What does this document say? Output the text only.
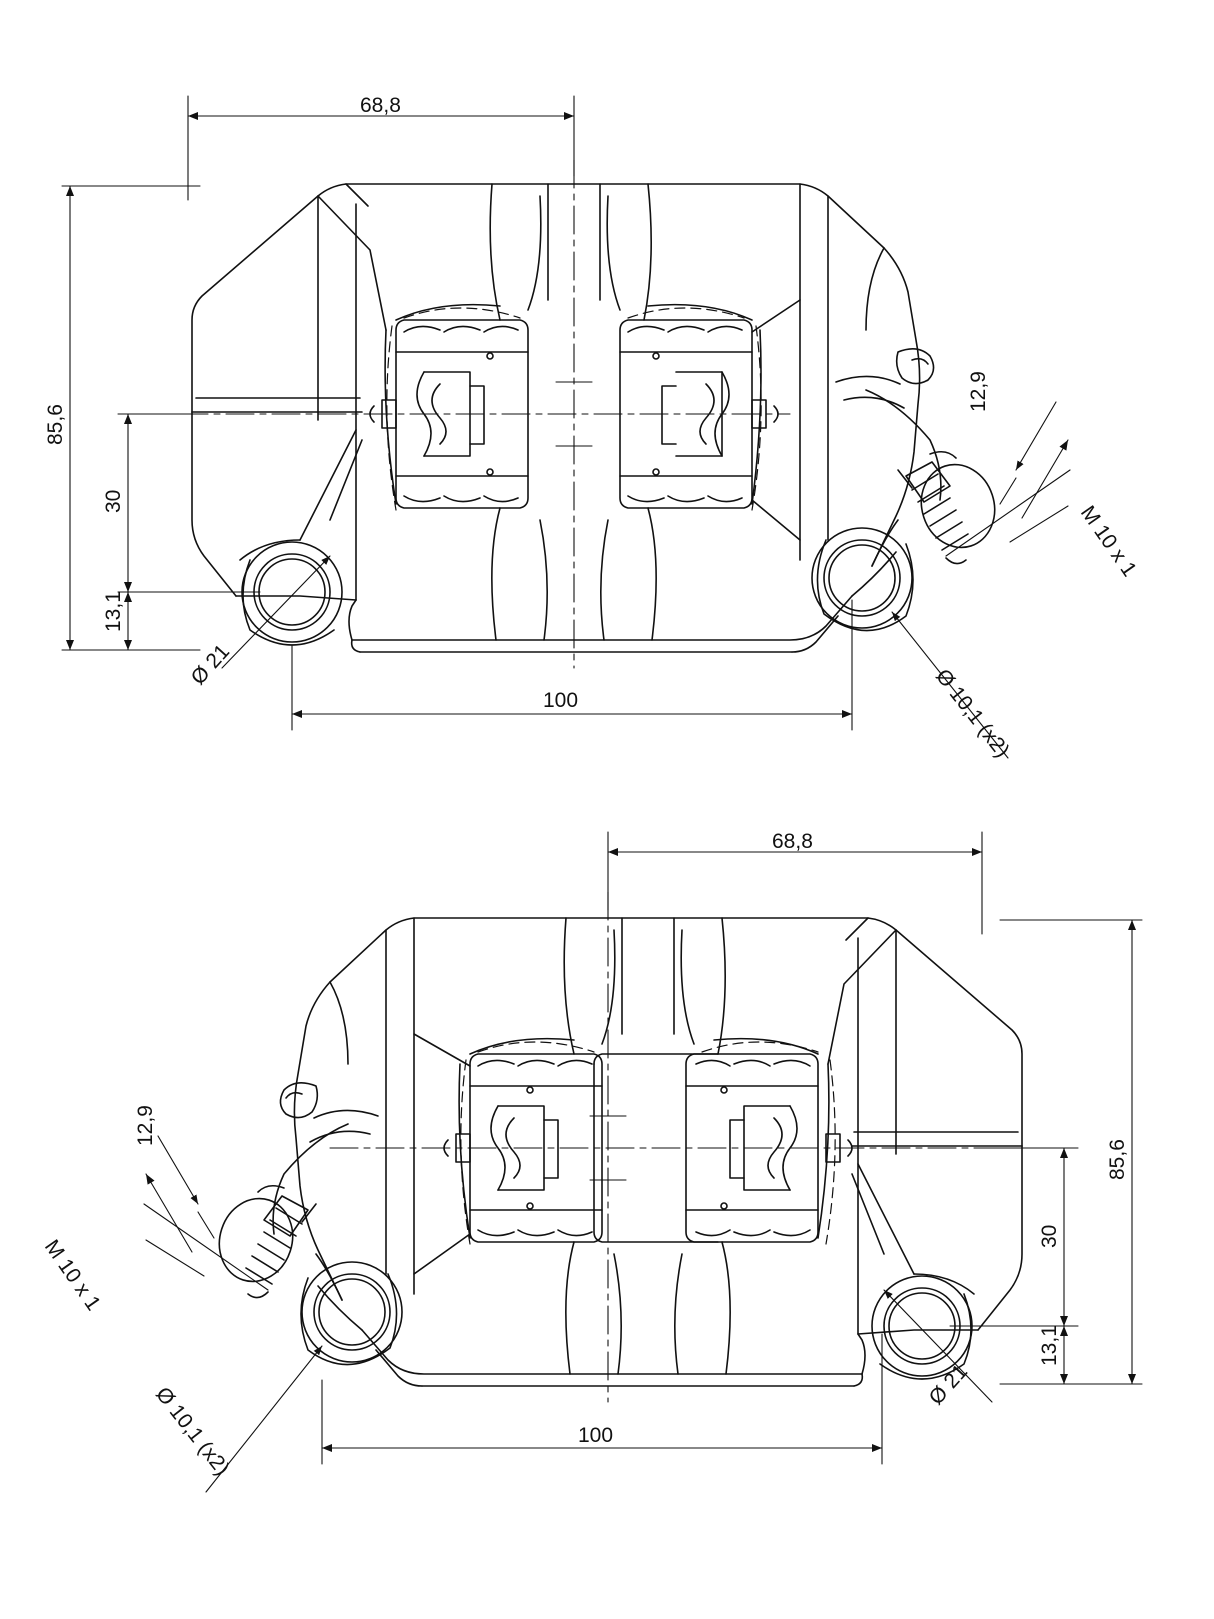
68,8
85,6
30
13,1
100
12,9
M 10 x 1
Ø 21
Ø 10,1 (x2)
68,8
85,6
30
13,1
100
12,9
M 10 x 1
Ø 21
Ø 10,1 (x2)
